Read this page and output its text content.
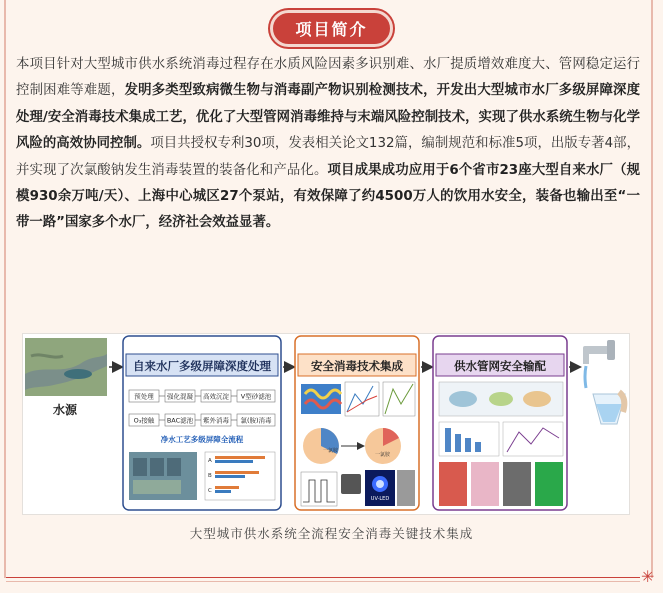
项目简介
本项目针对大型城市供水系统消毒过程存在水质风险因素多识别难、水厂提质增效难度大、管网稳定运行控制困难等难题，发明多类型致病微生物与消毒副产物识别检测技术，开发出大型城市水厂多级屏障深度处理/安全消毒技术集成工艺，优化了大型管网消毒维持与末端风险控制技术，实现了供水系统生物与化学风险的高效协同控制。项目共授权专利30项，发表相关论文132篇，编制规范和标准5项，出版专著4部，并实现了次氯酸钠发生消毒装置的装备化和产品化。项目成果成功应用于6个省市23座大型自来水厂（规模930余万吨/天）、上海中心城区27个泵站，有效保障了约4500万人的饮用水安全，装备也输出至“一带一路”国家多个水厂，经济社会效益显著。
水源
自来水厂多级屏障深度处理
预处理 强化混凝 高效沉淀 V型砂滤池
O₃接触 BAC滤池 紫外消毒 氯(胺)消毒
净水工艺多级屏障全流程
A
B
C
安全消毒技术集成
一氯胺
一氯胺
UV-LED
供水管网安全输配
大型城市供水系统全流程安全消毒关键技术集成
✳
